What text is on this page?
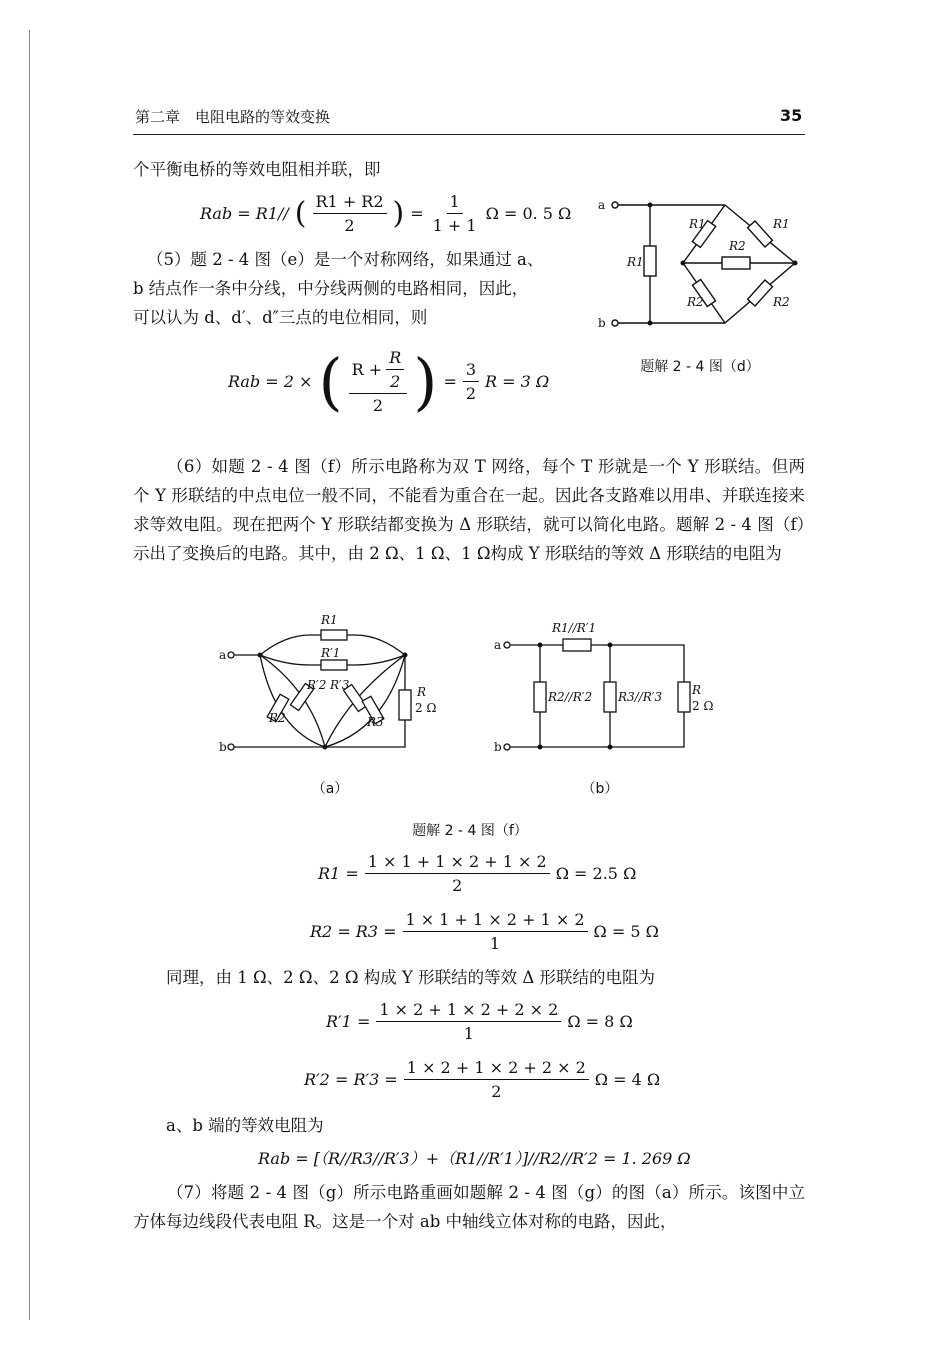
第二章　电阻电路的等效变换	35
个平衡电桥的等效电阻相并联，即
Rab = R1// ( $\frac{R1 + R2}{2}$ ) = $\frac{1}{1 + 1}$ Ω = 0. 5 Ω
（5）题 2 - 4 图（e）是一个对称网络，如果通过 a、
b 结点作一条中分线，中分线两侧的电路相同，因此，
可以认为 d、d′、d″三点的电位相同，则
Rab = 2 × ( $\frac{R + \frac{R}{2}}{2}$ ) = $\frac{3}{2}$ R = 3 Ω
a
b
R1
R1	R1
R2
R2	R2
题解 2 - 4 图（d）
（6）如题 2 - 4 图（f）所示电路称为双 T 网络，每个 T 形就是一个 Y 形联结。但两个 Y 形联结的中点电位一般不同，不能看为重合在一起。因此各支路难以用串、并联连接来求等效电阻。现在把两个 Y 形联结都变换为 Δ 形联结，就可以简化电路。题解 2 - 4 图（f）示出了变换后的电路。其中，由 2 Ω、1 Ω、1 Ω构成 Y 形联结的等效 Δ 形联结的电阻为
a
b
R1
R′1
R′2 R′3
R2	R3
R
2 Ω
a
b
R1//R′1
R2//R′2 R3//R′3 R
2 Ω
（a）	（b）
题解 2 - 4 图（f）
$R1 = \frac{1 \times 1 + 1 \times 2 + 1 \times 2}{2}$ Ω = 2.5 Ω
$R2 = R3 = \frac{1 \times 1 + 1 \times 2 + 1 \times 2}{1}$ Ω = 5 Ω
同理，由 1 Ω、2 Ω、2 Ω 构成 Y 形联结的等效 Δ 形联结的电阻为
$R'1 = \frac{1 \times 2 + 1 \times 2 + 2 \times 2}{1}$ Ω = 8 Ω
$R'2 = R'3 = \frac{1 \times 2 + 1 \times 2 + 2 \times 2}{2}$ Ω = 4 Ω
a、b 端的等效电阻为
Rab = [（R//R3//R′3）+（R1//R′1）]//R2//R′2 = 1. 269 Ω
（7）将题 2 - 4 图（g）所示电路重画如题解 2 - 4 图（g）的图（a）所示。该图中立方体每边线段代表电阻 R。这是一个对 ab 中轴线立体对称的电路，因此，
